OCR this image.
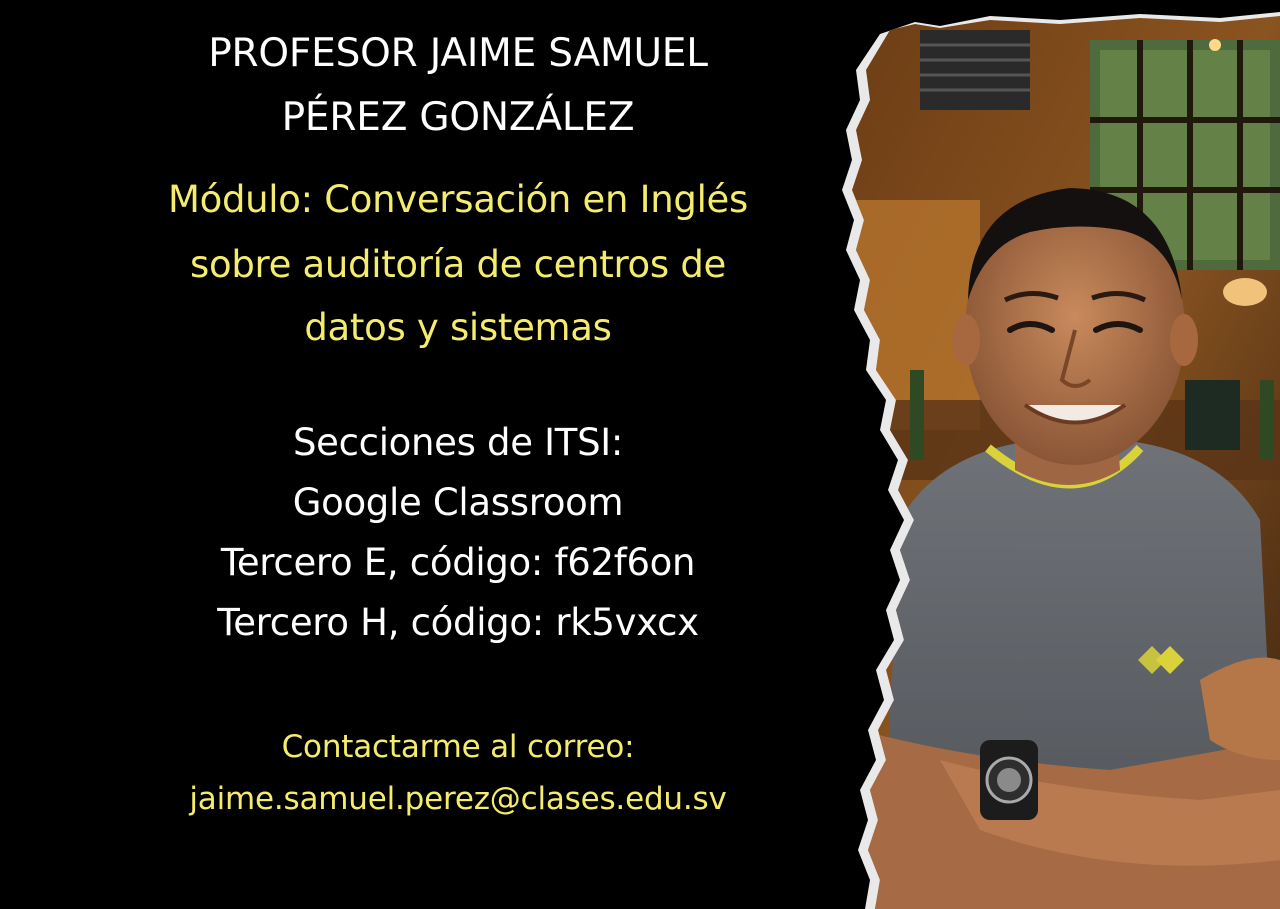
PROFESOR JAIME SAMUEL
PÉREZ GONZÁLEZ
Módulo: Conversación en Inglés
sobre auditoría de centros de
datos y sistemas
Secciones de ITSI:
Google Classroom
Tercero E, código: f62f6on
Tercero H, código: rk5vxcx
Contactarme al correo:
jaime.samuel.perez@clases.edu.sv
